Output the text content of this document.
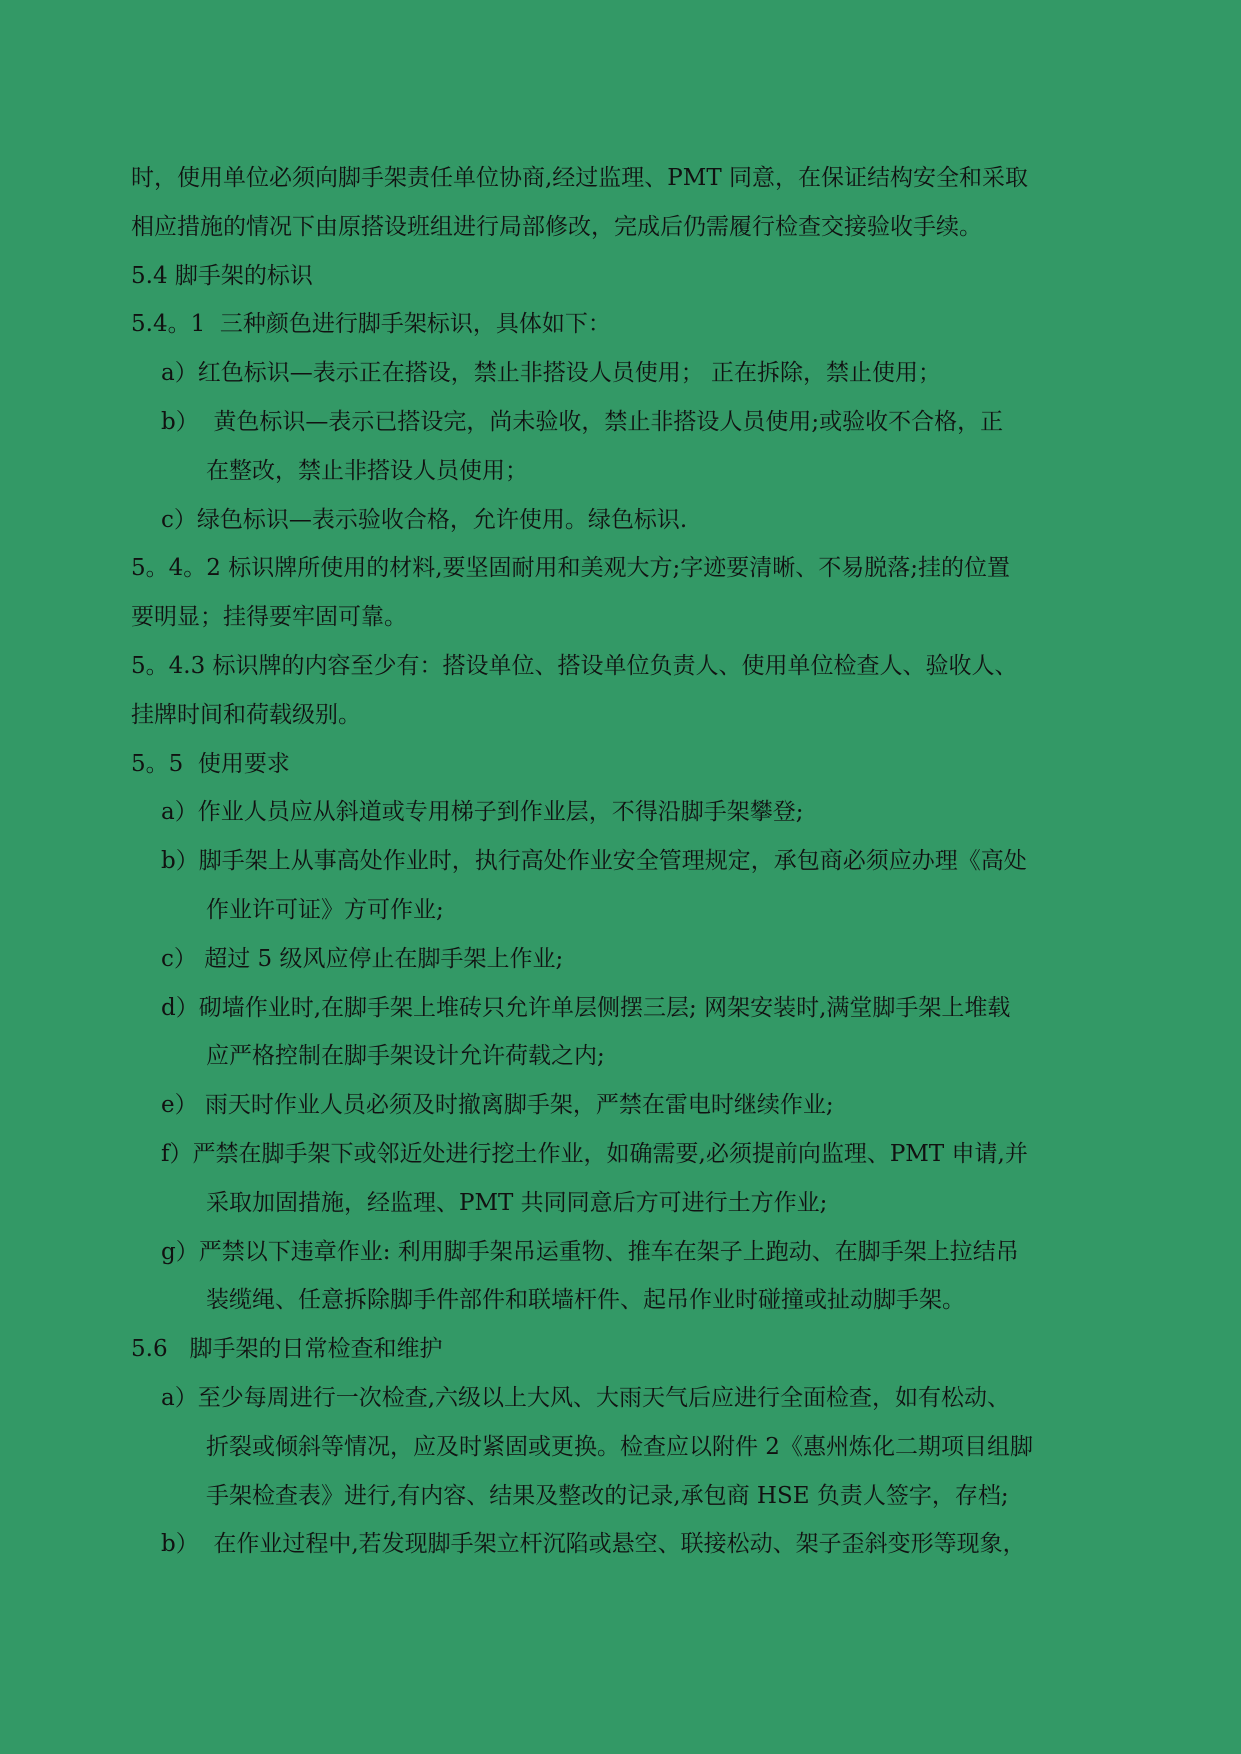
时，使用单位必须向脚手架责任单位协商,经过监理、PMT 同意，在保证结构安全和采取
相应措施的情况下由原搭设班组进行局部修改，完成后仍需履行检查交接验收手续。
5.4 脚手架的标识
5.4。1  三种颜色进行脚手架标识，具体如下：
a）红色标识—表示正在搭设，禁止非搭设人员使用； 正在拆除，禁止使用；
b）  黄色标识—表示已搭设完，尚未验收，禁止非搭设人员使用;或验收不合格，正
在整改，禁止非搭设人员使用；
c）绿色标识—表示验收合格，允许使用。绿色标识.
5。4。2 标识牌所使用的材料,要坚固耐用和美观大方;字迹要清晰、不易脱落;挂的位置
要明显；挂得要牢固可靠。
5。4.3 标识牌的内容至少有：搭设单位、搭设单位负责人、使用单位检查人、验收人、
挂牌时间和荷载级别。
5。5  使用要求
a）作业人员应从斜道或专用梯子到作业层，不得沿脚手架攀登;
b）脚手架上从事高处作业时，执行高处作业安全管理规定，承包商必须应办理《高处
作业许可证》方可作业;
c） 超过 5 级风应停止在脚手架上作业;
d）砌墙作业时,在脚手架上堆砖只允许单层侧摆三层; 网架安装时,满堂脚手架上堆载
应严格控制在脚手架设计允许荷载之内;
e） 雨天时作业人员必须及时撤离脚手架，严禁在雷电时继续作业;
f）严禁在脚手架下或邻近处进行挖土作业，如确需要,必须提前向监理、PMT 申请,并
采取加固措施，经监理、PMT 共同同意后方可进行土方作业;
g）严禁以下违章作业: 利用脚手架吊运重物、推车在架子上跑动、在脚手架上拉结吊
装缆绳、任意拆除脚手件部件和联墙杆件、起吊作业时碰撞或扯动脚手架。
5.6   脚手架的日常检查和维护
a）至少每周进行一次检查,六级以上大风、大雨天气后应进行全面检查，如有松动、
折裂或倾斜等情况，应及时紧固或更换。检查应以附件 2《惠州炼化二期项目组脚
手架检查表》进行,有内容、结果及整改的记录,承包商 HSE 负责人签字，存档;
b）  在作业过程中,若发现脚手架立杆沉陷或悬空、联接松动、架子歪斜变形等现象，
